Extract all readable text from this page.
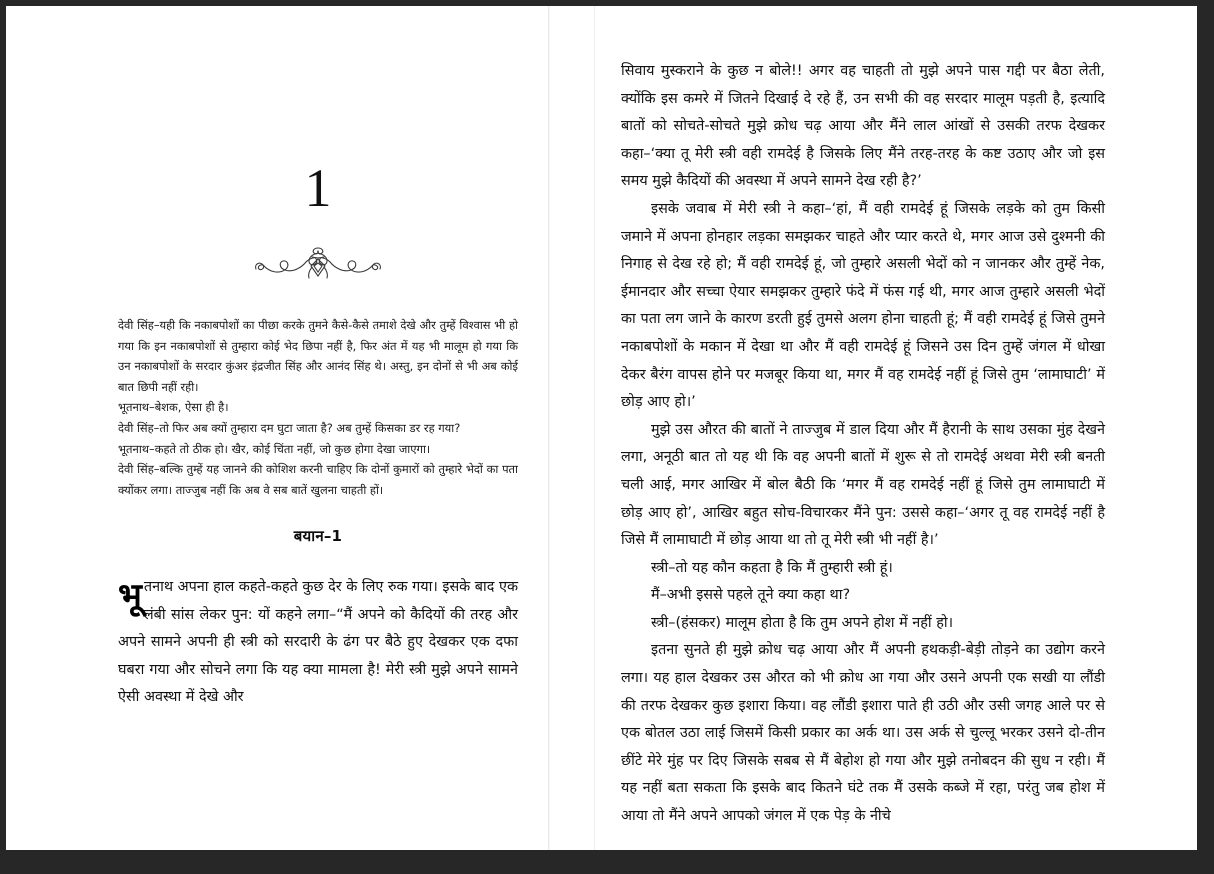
1

देवी सिंह–यही कि नकाबपोशों का पीछा करके तुमने कैसे-कैसे तमाशे देखे और तुम्हें विश्वास भी हो गया कि इन नकाबपोशों से तुम्हारा कोई भेद छिपा नहीं है, फिर अंत में यह भी मालूम हो गया कि उन नकाबपोशों के सरदार कुंअर इंद्रजीत सिंह और आनंद सिंह थे। अस्तु, इन दोनों से भी अब कोई बात छिपी नहीं रही।

भूतनाथ–बेशक, ऐसा ही है।

देवी सिंह–तो फिर अब क्यों तुम्हारा दम घुटा जाता है? अब तुम्हें किसका डर रह गया?

भूतनाथ–कहते तो ठीक हो। खैर, कोई चिंता नहीं, जो कुछ होगा देखा जाएगा।

देवी सिंह–बल्कि तुम्हें यह जानने की कोशिश करनी चाहिए कि दोनों कुमारों को तुम्हारे भेदों का पता क्योंकर लगा। ताज्जुब नहीं कि अब वे सब बातें खुलना चाहती हों।

बयान–1
भूतनाथ अपना हाल कहते-कहते कुछ देर के लिए रुक गया। इसके बाद एक लंबी सांस लेकर पुन: यों कहने लगा–“मैं अपने को कैदियों की तरह और अपने सामने अपनी ही स्त्री को सरदारी के ढंग पर बैठे हुए देखकर एक दफा घबरा गया और सोचने लगा कि यह क्या मामला है! मेरी स्त्री मुझे अपने सामने ऐसी अवस्था में देखे और

सिवाय मुस्कराने के कुछ न बोले!! अगर वह चाहती तो मुझे अपने पास गद्दी पर बैठा लेती, क्योंकि इस कमरे में जितने दिखाई दे रहे हैं, उन सभी की वह सरदार मालूम पड़ती है, इत्यादि बातों को सोचते-सोचते मुझे क्रोध चढ़ आया और मैंने लाल आंखों से उसकी तरफ देखकर कहा–‘क्या तू मेरी स्त्री वही रामदेई है जिसके लिए मैंने तरह-तरह के कष्ट उठाए और जो इस समय मुझे कैदियों की अवस्था में अपने सामने देख रही है?’

इसके जवाब में मेरी स्त्री ने कहा–‘हां, मैं वही रामदेई हूं जिसके लड़के को तुम किसी जमाने में अपना होनहार लड़का समझकर चाहते और प्यार करते थे, मगर आज उसे दुश्मनी की निगाह से देख रहे हो; मैं वही रामदेई हूं, जो तुम्हारे असली भेदों को न जानकर और तुम्हें नेक, ईमानदार और सच्चा ऐयार समझकर तुम्हारे फंदे में फंस गई थी, मगर आज तुम्हारे असली भेदों का पता लग जाने के कारण डरती हुई तुमसे अलग होना चाहती हूं; मैं वही रामदेई हूं जिसे तुमने नकाबपोशों के मकान में देखा था और मैं वही रामदेई हूं जिसने उस दिन तुम्हें जंगल में धोखा देकर बैरंग वापस होने पर मजबूर किया था, मगर मैं वह रामदेई नहीं हूं जिसे तुम ‘लामाघाटी’ में छोड़ आए हो।’

मुझे उस औरत की बातों ने ताज्जुब में डाल दिया और मैं हैरानी के साथ उसका मुंह देखने लगा, अनूठी बात तो यह थी कि वह अपनी बातों में शुरू से तो रामदेई अथवा मेरी स्त्री बनती चली आई, मगर आखिर में बोल बैठी कि ‘मगर मैं वह रामदेई नहीं हूं जिसे तुम लामाघाटी में छोड़ आए हो’, आखिर बहुत सोच-विचारकर मैंने पुन: उससे कहा–‘अगर तू वह रामदेई नहीं है जिसे मैं लामाघाटी में छोड़ आया था तो तू मेरी स्त्री भी नहीं है।’

स्त्री–तो यह कौन कहता है कि मैं तुम्हारी स्त्री हूं।

मैं–अभी इससे पहले तूने क्या कहा था?

स्त्री–(हंसकर) मालूम होता है कि तुम अपने होश में नहीं हो।

इतना सुनते ही मुझे क्रोध चढ़ आया और मैं अपनी हथकड़ी-बेड़ी तोड़ने का उद्योग करने लगा। यह हाल देखकर उस औरत को भी क्रोध आ गया और उसने अपनी एक सखी या लौंडी की तरफ देखकर कुछ इशारा किया। वह लौंडी इशारा पाते ही उठी और उसी जगह आले पर से एक बोतल उठा लाई जिसमें किसी प्रकार का अर्क था। उस अर्क से चुल्लू भरकर उसने दो-तीन छींटे मेरे मुंह पर दिए जिसके सबब से मैं बेहोश हो गया और मुझे तनोबदन की सुध न रही। मैं यह नहीं बता सकता कि इसके बाद कितने घंटे तक मैं उसके कब्जे में रहा, परंतु जब होश में आया तो मैंने अपने आपको जंगल में एक पेड़ के नीचे
